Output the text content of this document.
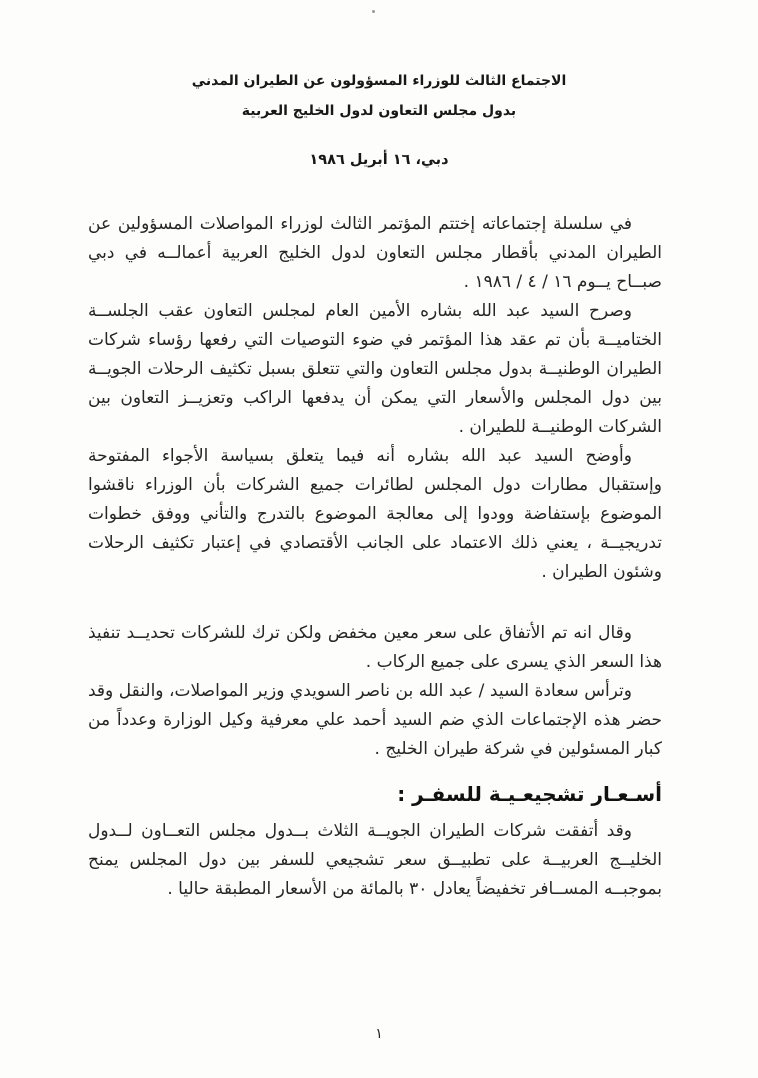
الاجتماع الثالث للوزراء المسؤولون عن الطيران المدني
بدول مجلس التعاون لدول الخليج العربية
دبي، ١٦ أبريل ١٩٨٦

في سلسلة إجتماعاته إختتم المؤتمر الثالث لوزراء المواصلات المسؤولين عن الطيران المدني بأقطار مجلس التعاون لدول الخليج العربية أعمالــه في دبي صبــاح يــوم ١٦ / ٤ / ١٩٨٦ .

وصرح السيد عبد الله بشاره الأمين العام لمجلس التعاون عقب الجلســة الختاميــة بأن تم عقد هذا المؤتمر في ضوء التوصيات التي رفعها رؤساء شركات الطيران الوطنيــة بدول مجلس التعاون والتي تتعلق بسبل تكثيف الرحلات الجويــة بين دول المجلس والأسعار التي يمكن أن يدفعها الراكب وتعزيــز التعاون بين الشركات الوطنيــة للطيران .

وأوضح السيد عبد الله بشاره أنه فيما يتعلق بسياسة الأجواء المفتوحة وإستقبال مطارات دول المجلس لطائرات جميع الشركات بأن الوزراء ناقشوا الموضوع بإستفاضة وودوا إلى معالجة الموضوع بالتدرج والتأني ووفق خطوات تدريجيــة ، يعني ذلك الاعتماد على الجانب الأقتصادي في إعتبار تكثيف الرحلات وشئون الطيران .

وقال انه تم الأتفاق على سعر معين مخفض ولكن ترك للشركات تحديــد تنفيذ هذا السعر الذي يسرى على جميع الركاب .

وترأس سعادة السيد / عبد الله بن ناصر السويدي وزير المواصلات، والنقل وقد حضر هذه الإجتماعات الذي ضم السيد أحمد علي معرفية وكيل الوزارة وعدداً من كبار المسئولين في شركة طيران الخليج .

أسـعـار تشجيعـيـة للسفـر :

وقد أتفقت شركات الطيران الجويــة الثلاث بــدول مجلس التعــاون لــدول الخليــج العربيــة على تطبيــق سعر تشجيعي للسفر بين دول المجلس يمنح بموجبــه المســافر تخفيضاً يعادل ٣٠ بالمائة من الأسعار المطبقة حاليا .

١
